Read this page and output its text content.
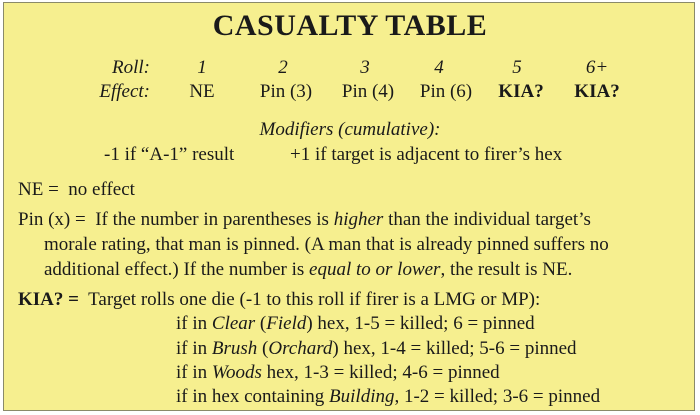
CASUALTY TABLE
Roll:	1	2	3	4	5	6+
Effect:	NE	Pin (3)	Pin (4)	Pin (6)	KIA?	KIA?
Modifiers (cumulative):
-1 if “A-1” result	+1 if target is adjacent to firer’s hex
NE = no effect
Pin (x) = If the number in parentheses is higher than the individual target’s
morale rating, that man is pinned. (A man that is already pinned suffers no
additional effect.) If the number is equal to or lower, the result is NE.
KIA? = Target rolls one die (-1 to this roll if firer is a LMG or MP):
if in Clear (Field) hex, 1-5 = killed; 6 = pinned
if in Brush (Orchard) hex, 1-4 = killed; 5-6 = pinned
if in Woods hex, 1-3 = killed; 4-6 = pinned
if in hex containing Building, 1-2 = killed; 3-6 = pinned
